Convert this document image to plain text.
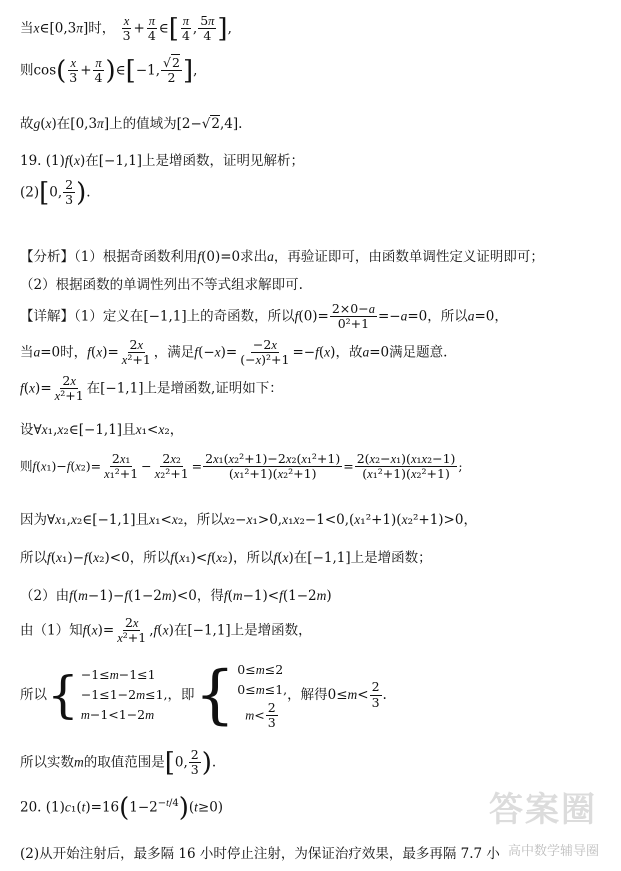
当x∈[0,3π]时， $\frac{x}{3} + \frac{\pi}{4}$ ∈[ $\frac{\pi}{4}$ , $\frac{5\pi}{4}$ ],
则$\cos( \frac{x}{3} + \frac{\pi}{4}$ )∈[−1, $\frac{√2}{2}$ ],
故g(x)在[0,3π]上的值域为[2−√2,4].
19. (1)f(x)在[−1,1]上是增函数，证明见解析；
(2)[0, $\frac{2}{3}$ ).
【分析】（1）根据奇函数利用f(0)=0求出a，再验证即可，由函数单调性定义证明即可；
（2）根据函数的单调性列出不等式组求解即可.
【详解】（1）定义在[−1,1]上的奇函数，所以$f(0)= \frac{2\times 0-a}{\text{0²+1}} =-a=0$，所以a=0，
当a=0时，$f(x)= \frac{2x}{\text{x²+1}}$ ，满足$f(-x)= \frac{-2x}{\text{(−x)²+1}} =-f(x)$，故a=0满足题意.
$f(x)= \frac{2x}{\text{x²+1}}$ 在[−1,1]上是增函数,证明如下：
设∀x₁,x₂∈[−1,1]且x₁<x₂，
则$f(x_1)-f(x_2)= \frac{\text{2x₁}}{\text{x₁²+1}} - \frac{\text{2x₂}}{\text{x₂²+1}} = \frac{\text{2x₁(x₂²+1)−2x₂(x₁²+1)}}{\text{(x₁²+1)(x₂²+1)}} = \frac{\text{2(x₂−x₁)(x₁x₂−1)}}{\text{(x₁²+1)(x₂²+1)}}$ ;
因为∀x₁,x₂∈[−1,1]且x₁<x₂，所以x₂−x₁>0,x₁x₂−1<0,(x₁²+1)(x₂²+1)>0，
所以f(x₁)−f(x₂)<0，所以f(x₁)<f(x₂)，所以f(x)在[−1,1]上是增函数；
（2）由f(m−1)−f(1−2m)<0，得f(m−1)<f(1−2m)
由（1）知$f(x)= \frac{2x}{\text{x²+1}} ,f(x)$在[−1,1]上是增函数，
所以 { −1≤m−1≤1
−1≤1−2m≤1,
m−1<1−2m
，即 { 0≤m≤2
0≤m≤1,
$m< \frac{2}{3}$
，解得$0\le m< \frac{2}{3}$ .
所以实数m的取值范围是[0, $\frac{2}{3}$ ).
20. $(1)c_1(t)=16(1-2^{-t/4})(t\ge 0)$
(2)从开始注射后，最多隔 16 小时停止注射，为保证治疗效果，最多再隔 7.7 小
答案圈
高中数学辅导圈
